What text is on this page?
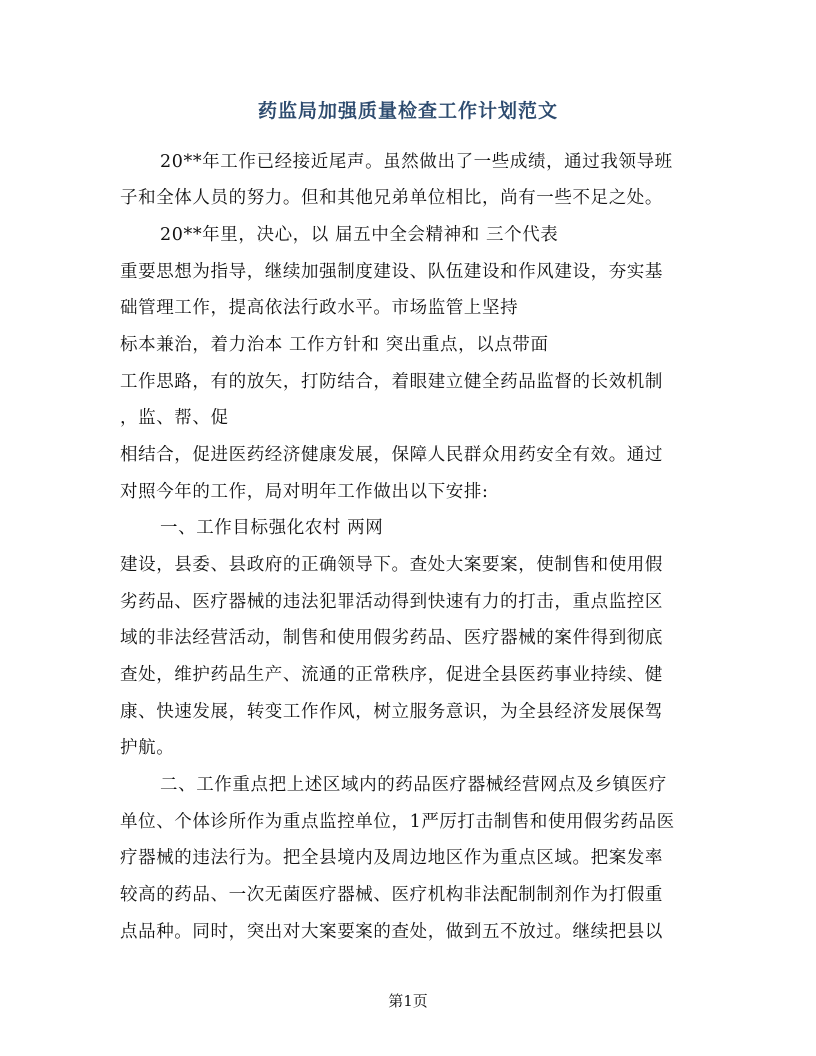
药监局加强质量检查工作计划范文
20**年工作已经接近尾声。虽然做出了一些成绩，通过我领导班
子和全体人员的努力。但和其他兄弟单位相比，尚有一些不足之处。
20**年里，决心，以 届五中全会精神和 三个代表
重要思想为指导，继续加强制度建设、队伍建设和作风建设，夯实基
础管理工作，提高依法行政水平。市场监管上坚持
标本兼治，着力治本 工作方针和 突出重点，以点带面
工作思路，有的放矢，打防结合，着眼建立健全药品监督的长效机制
，监、帮、促
相结合，促进医药经济健康发展，保障人民群众用药安全有效。通过
对照今年的工作，局对明年工作做出以下安排:
一、工作目标强化农村 两网
建设，县委、县政府的正确领导下。查处大案要案，使制售和使用假
劣药品、医疗器械的违法犯罪活动得到快速有力的打击，重点监控区
域的非法经营活动，制售和使用假劣药品、医疗器械的案件得到彻底
查处，维护药品生产、流通的正常秩序，促进全县医药事业持续、健
康、快速发展，转变工作作风，树立服务意识，为全县经济发展保驾
护航。
二、工作重点把上述区域内的药品医疗器械经营网点及乡镇医疗
单位、个体诊所作为重点监控单位，1严厉打击制售和使用假劣药品医
疗器械的违法行为。把全县境内及周边地区作为重点区域。把案发率
较高的药品、一次无菌医疗器械、医疗机构非法配制制剂作为打假重
点品种。同时，突出对大案要案的查处，做到五不放过。继续把县以
第1页
